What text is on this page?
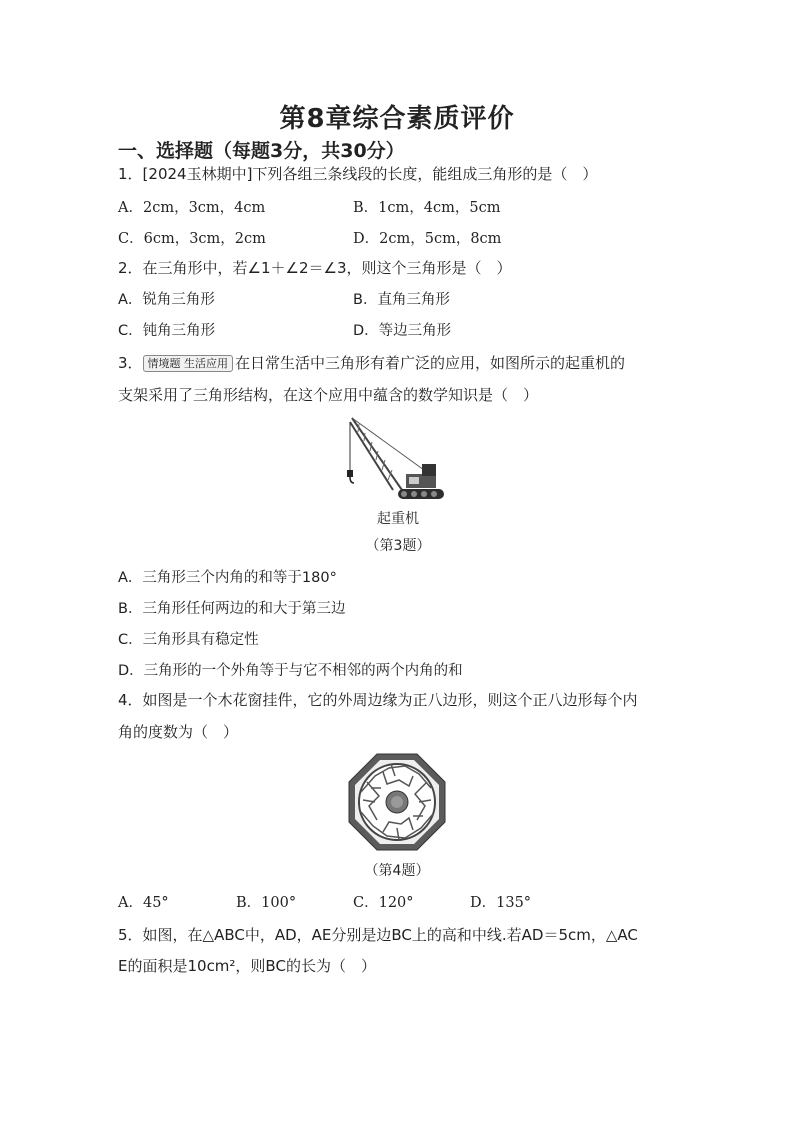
第8章综合素质评价
一、选择题（每题3分，共30分）
1．[2024玉林期中]下列各组三条线段的长度，能组成三角形的是（　）
A．2cm，3cm，4cm	B．1cm，4cm，5cm
C．6cm，3cm，2cm	D．2cm，5cm，8cm
2．在三角形中，若∠1＋∠2＝∠3，则这个三角形是（　）
A．锐角三角形	B．直角三角形
C．钝角三角形	D．等边三角形
3． 情境题 生活应用 在日常生活中三角形有着广泛的应用，如图所示的起重机的
支架采用了三角形结构，在这个应用中蕴含的数学知识是（　）
起重机
（第3题）
A．三角形三个内角的和等于180°
B．三角形任何两边的和大于第三边
C．三角形具有稳定性
D．三角形的一个外角等于与它不相邻的两个内角的和
4．如图是一个木花窗挂件，它的外周边缘为正八边形，则这个正八边形每个内
角的度数为（　）
（第4题）
A．45°	B．100°	C．120°	D．135°
5．如图，在△ABC中，AD，AE分别是边BC上的高和中线.若AD＝5cm，△AC
E的面积是10cm²，则BC的长为（　）
